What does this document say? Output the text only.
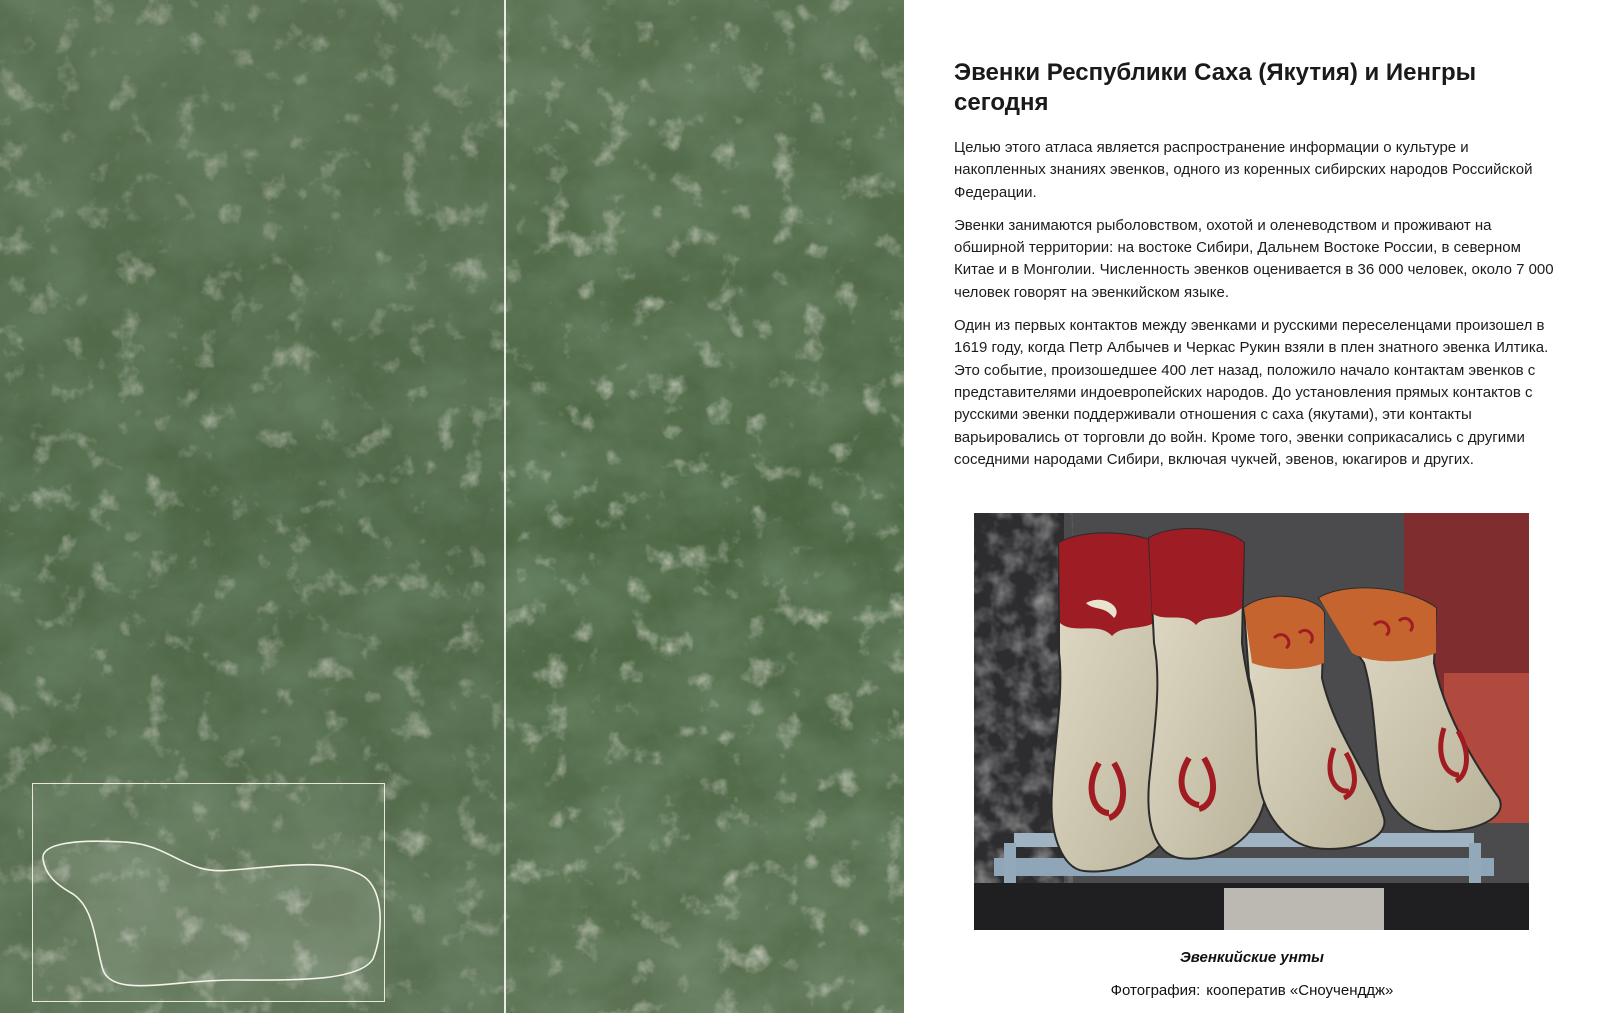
Эвенки Республики Саха (Якутия) и Иенгры сегодня

Целью этого атласа является распространение информации о культуре и накопленных знаниях эвенков, одного из коренных сибирских народов Российской Федерации.

Эвенки занимаются рыболовством, охотой и оленеводством и проживают на обширной территории: на востоке Сибири, Дальнем Востоке России, в северном Китае и в Монголии. Численность эвенков оценивается в 36 000 человек, около 7 000 человек говорят на эвенкийском языке.

Один из первых контактов между эвенками и русскими переселенцами произошел в 1619 году, когда Петр Албычев и Черкас Рукин взяли в плен знатного эвенка Илтика. Это событие, произошедшее 400 лет назад, положило начало контактам эвенков с представителями индоевропейских народов. До установления прямых контактов с русскими эвенки поддерживали отношения с саха (якутами), эти контакты варьировались от торговли до войн. Кроме того, эвенки соприкасались с другими соседними народами Сибири, включая чукчей, эвенов, юкагиров и других.

Эвенкийские унты
Фотография: кооператив «Сноученддж»
